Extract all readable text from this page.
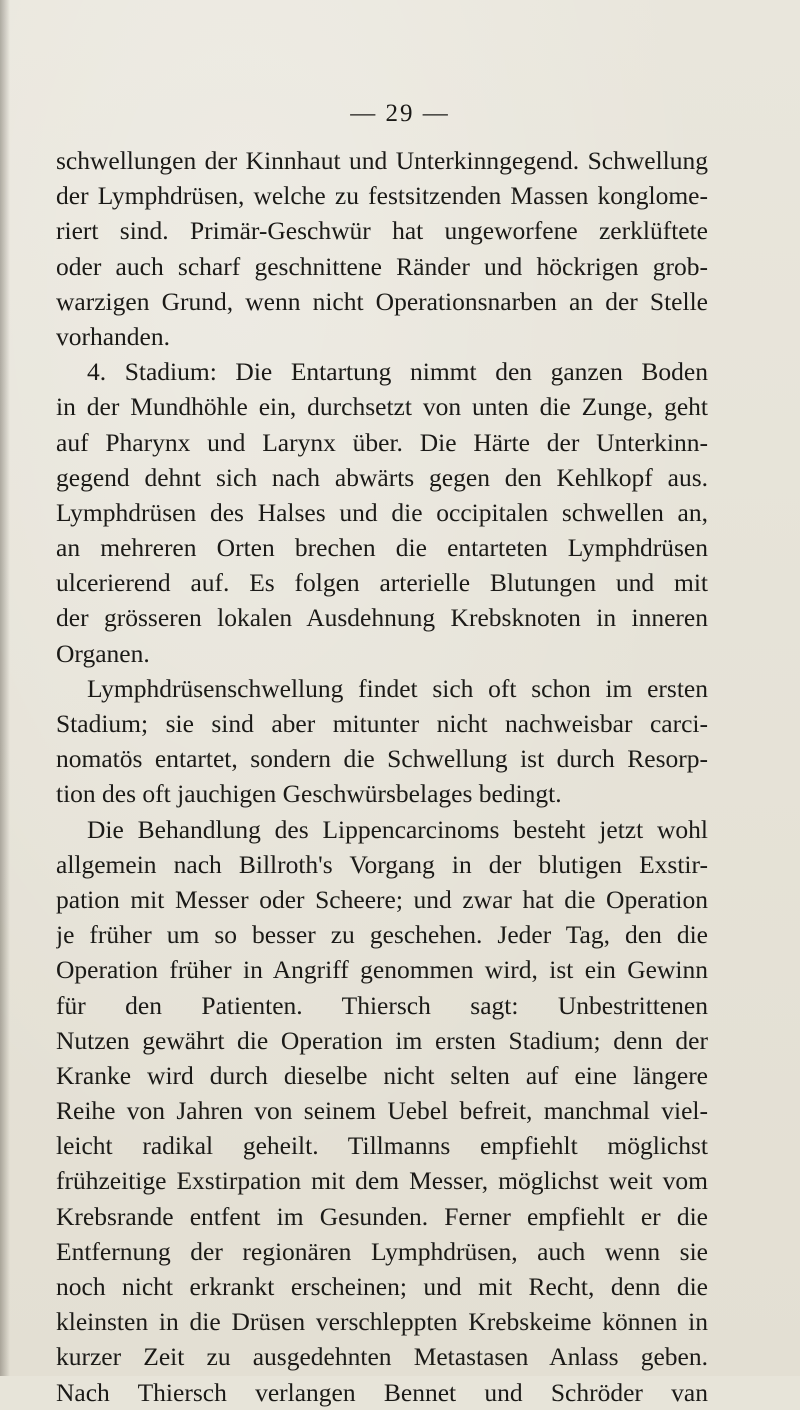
— 29 —
schwellungen der Kinnhaut und Unterkinngegend. Schwellung
der Lymphdrüsen, welche zu festsitzenden Massen konglome-
riert sind. Primär-Geschwür hat ungeworfene zerklüftete
oder auch scharf geschnittene Ränder und höckrigen grob-
warzigen Grund, wenn nicht Operationsnarben an der Stelle
vorhanden.
4. Stadium: Die Entartung nimmt den ganzen Boden
in der Mundhöhle ein, durchsetzt von unten die Zunge, geht
auf Pharynx und Larynx über. Die Härte der Unterkinn-
gegend dehnt sich nach abwärts gegen den Kehlkopf aus.
Lymphdrüsen des Halses und die occipitalen schwellen an,
an mehreren Orten brechen die entarteten Lymphdrüsen
ulcerierend auf. Es folgen arterielle Blutungen und mit
der grösseren lokalen Ausdehnung Krebsknoten in inneren
Organen.
Lymphdrüsenschwellung findet sich oft schon im ersten
Stadium; sie sind aber mitunter nicht nachweisbar carci-
nomatös entartet, sondern die Schwellung ist durch Resorp-
tion des oft jauchigen Geschwürsbelages bedingt.
Die Behandlung des Lippencarcinoms besteht jetzt wohl
allgemein nach Billroth's Vorgang in der blutigen Exstir-
pation mit Messer oder Scheere; und zwar hat die Operation
je früher um so besser zu geschehen. Jeder Tag, den die
Operation früher in Angriff genommen wird, ist ein Gewinn
für den Patienten. Thiersch sagt: Unbestrittenen
Nutzen gewährt die Operation im ersten Stadium; denn der
Kranke wird durch dieselbe nicht selten auf eine längere
Reihe von Jahren von seinem Uebel befreit, manchmal viel-
leicht radikal geheilt. Tillmanns empfiehlt möglichst
frühzeitige Exstirpation mit dem Messer, möglichst weit vom
Krebsrande entfent im Gesunden. Ferner empfiehlt er die
Entfernung der regionären Lymphdrüsen, auch wenn sie
noch nicht erkrankt erscheinen; und mit Recht, denn die
kleinsten in die Drüsen verschleppten Krebskeime können in
kurzer Zeit zu ausgedehnten Metastasen Anlass geben.
Nach Thiersch verlangen Bennet und Schröder van
